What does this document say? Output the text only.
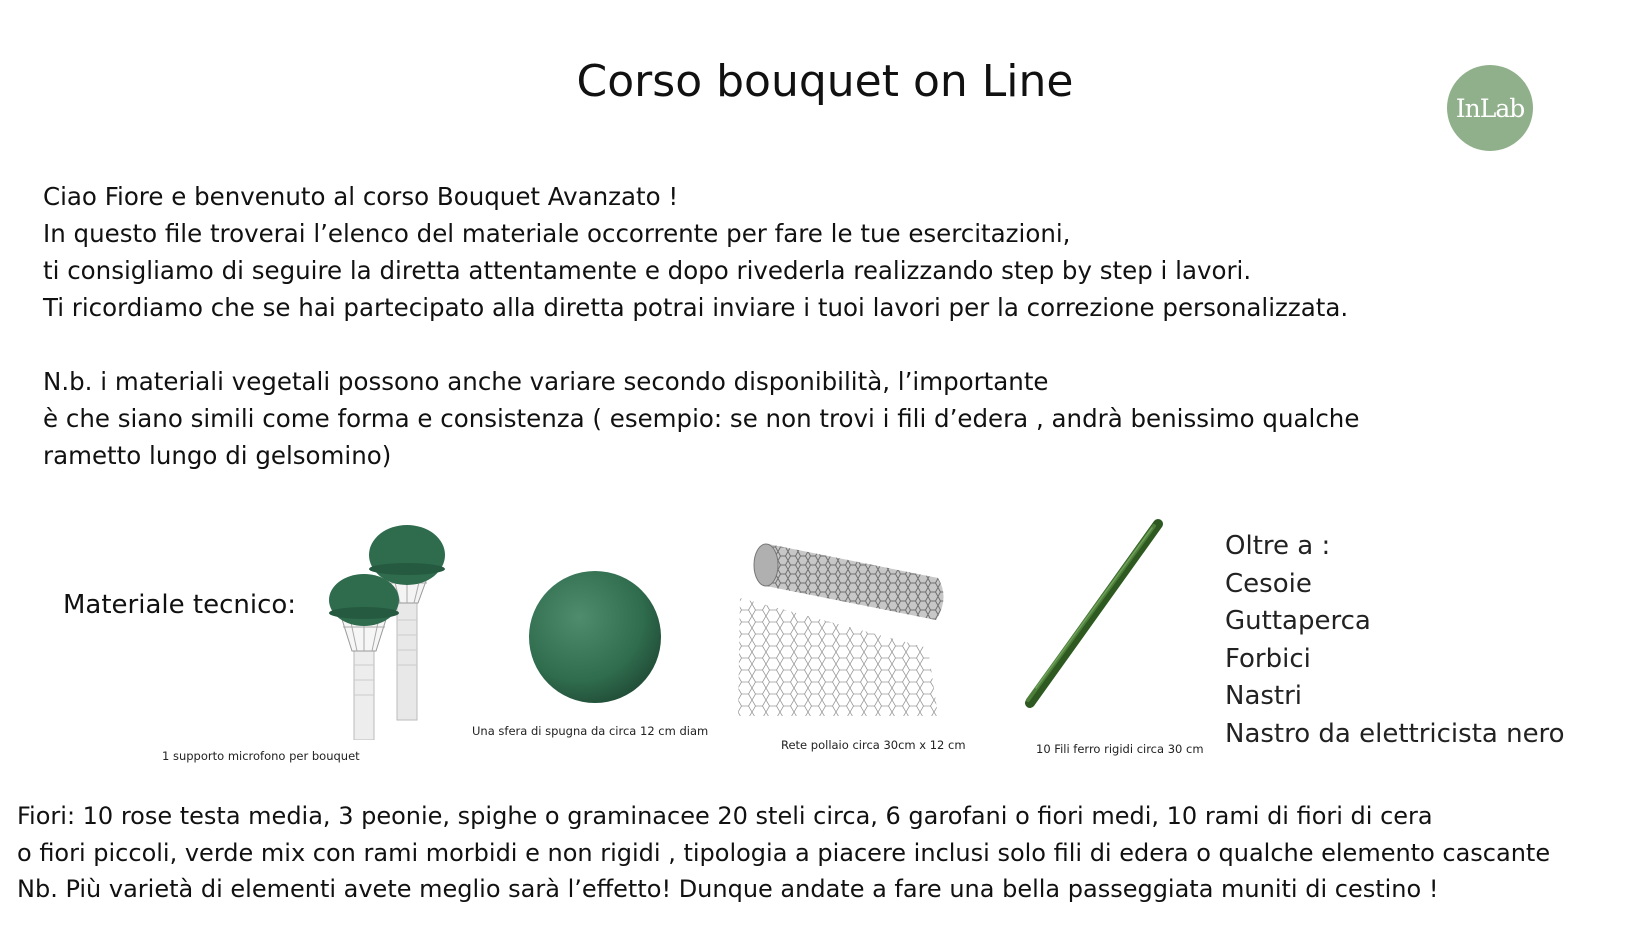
Corso bouquet on Line
InLab
Ciao Fiore e benvenuto al corso Bouquet Avanzato !
In questo file troverai l’elenco del materiale occorrente per fare le tue esercitazioni,
ti consigliamo di seguire la diretta attentamente e dopo rivederla realizzando step by step i lavori.
Ti ricordiamo che se hai partecipato alla diretta potrai inviare i tuoi lavori per la correzione personalizzata.
N.b. i materiali vegetali possono anche variare secondo disponibilità, l’importante
è che siano simili come forma e consistenza ( esempio: se non trovi i fili d’edera , andrà benissimo qualche
rametto lungo di gelsomino)
Materiale tecnico:
1 supporto microfono per bouquet
Una sfera di spugna da circa 12 cm diam
Rete pollaio circa 30cm x 12 cm	10 Fili ferro rigidi circa 30 cm
Oltre a :
Cesoie
Guttaperca
Forbici
Nastri
Nastro da elettricista nero
Fiori: 10 rose testa media, 3 peonie, spighe o graminacee 20 steli circa, 6 garofani o fiori medi, 10 rami di fiori di cera
o fiori piccoli, verde mix con rami morbidi e non rigidi , tipologia a piacere inclusi solo fili di edera o qualche elemento cascante
Nb. Più varietà di elementi avete meglio sarà l’effetto! Dunque andate a fare una bella passeggiata muniti di cestino !
